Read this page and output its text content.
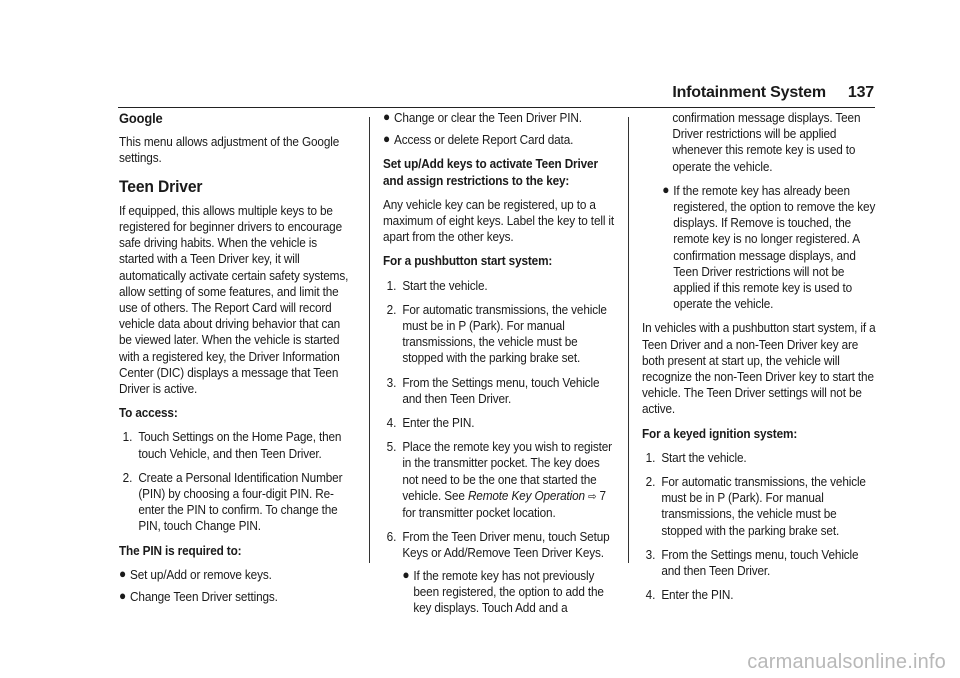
Infotainment System 137
Google

This menu allows adjustment of the Google settings.

Teen Driver

If equipped, this allows multiple keys to be registered for beginner drivers to encourage safe driving habits. When the vehicle is started with a Teen Driver key, it will automatically activate certain safety systems, allow setting of some features, and limit the use of others. The Report Card will record vehicle data about driving behavior that can be viewed later. When the vehicle is started with a registered key, the Driver Information Center (DIC) displays a message that Teen Driver is active.

To access:

1. Touch Settings on the Home Page, then touch Vehicle, and then Teen Driver.
2. Create a Personal Identification Number (PIN) by choosing a four-digit PIN. Re-enter the PIN to confirm. To change the PIN, touch Change PIN.

The PIN is required to:

● Set up/Add or remove keys.
● Change Teen Driver settings.
● Change or clear the Teen Driver PIN.
● Access or delete Report Card data.

Set up/Add keys to activate Teen Driver and assign restrictions to the key:

Any vehicle key can be registered, up to a maximum of eight keys. Label the key to tell it apart from the other keys.

For a pushbutton start system:

1. Start the vehicle.
2. For automatic transmissions, the vehicle must be in P (Park). For manual transmissions, the vehicle must be stopped with the parking brake set.
3. From the Settings menu, touch Vehicle and then Teen Driver.
4. Enter the PIN.
5. Place the remote key you wish to register in the transmitter pocket. The key does not need to be the one that started the vehicle. See Remote Key Operation ⇨ 7 for transmitter pocket location.
6. From the Teen Driver menu, touch Setup Keys or Add/Remove Teen Driver Keys.
● If the remote key has not previously been registered, the option to add the key displays. Touch Add and a

confirmation message displays. Teen Driver restrictions will be applied whenever this remote key is used to operate the vehicle.

● If the remote key has already been registered, the option to remove the key displays. If Remove is touched, the remote key is no longer registered. A confirmation message displays, and Teen Driver restrictions will not be applied if this remote key is used to operate the vehicle.

In vehicles with a pushbutton start system, if a Teen Driver and a non-Teen Driver key are both present at start up, the vehicle will recognize the non-Teen Driver key to start the vehicle. The Teen Driver settings will not be active.

For a keyed ignition system:

1. Start the vehicle.
2. For automatic transmissions, the vehicle must be in P (Park). For manual transmissions, the vehicle must be stopped with the parking brake set.
3. From the Settings menu, touch Vehicle and then Teen Driver.
4. Enter the PIN.
carmanualsonline.info
